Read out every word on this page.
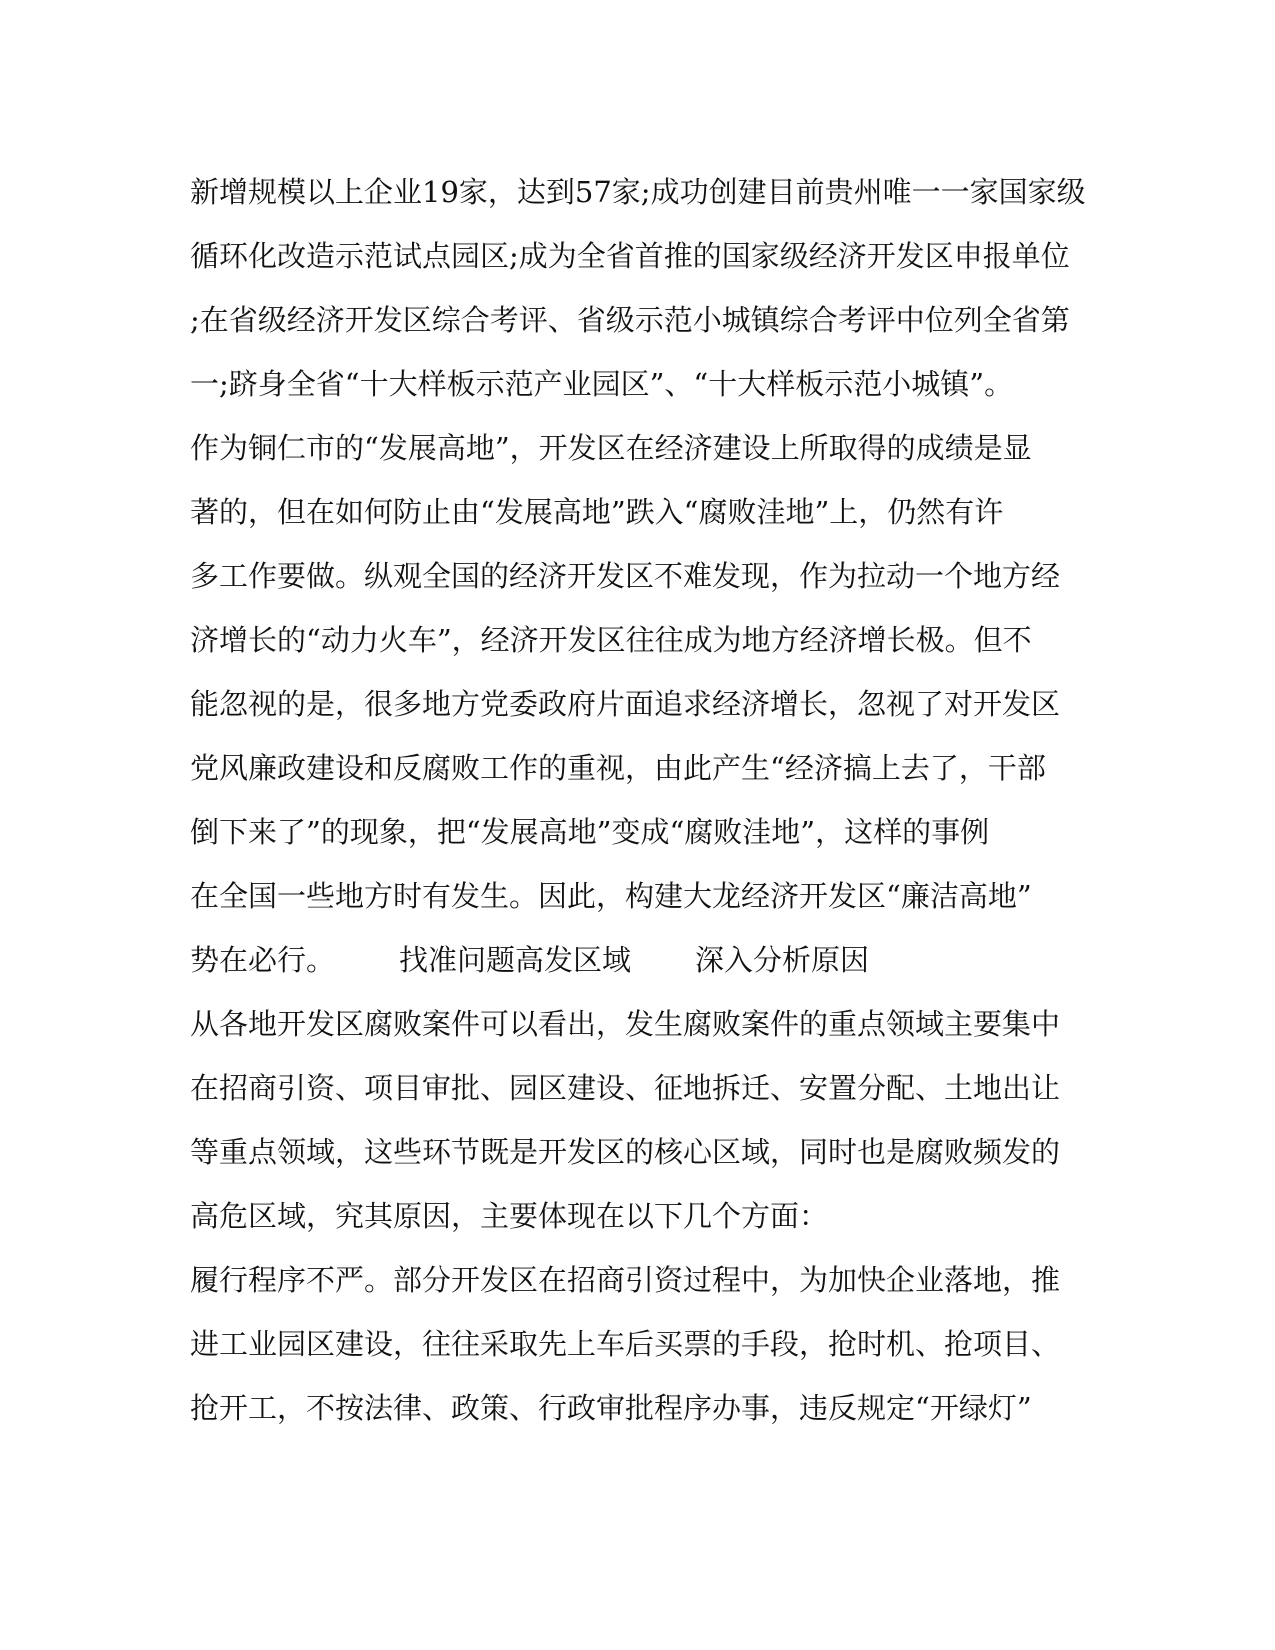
新增规模以上企业19家，达到57家;成功创建目前贵州唯一一家国家级
循环化改造示范试点园区;成为全省首推的国家级经济开发区申报单位
;在省级经济开发区综合考评、省级示范小城镇综合考评中位列全省第
一;跻身全省“十大样板示范产业园区”、“十大样板示范小城镇”。
作为铜仁市的“发展高地”，开发区在经济建设上所取得的成绩是显
著的，但在如何防止由“发展高地”跌入“腐败洼地”上，仍然有许
多工作要做。纵观全国的经济开发区不难发现，作为拉动一个地方经
济增长的“动力火车”，经济开发区往往成为地方经济增长极。但不
能忽视的是，很多地方党委政府片面追求经济增长，忽视了对开发区
党风廉政建设和反腐败工作的重视，由此产生“经济搞上去了，干部
倒下来了”的现象，把“发展高地”变成“腐败洼地”，这样的事例
在全国一些地方时有发生。因此，构建大龙经济开发区“廉洁高地”
势在必行。 找准问题高发区域 深入分析原因
从各地开发区腐败案件可以看出，发生腐败案件的重点领域主要集中
在招商引资、项目审批、园区建设、征地拆迁、安置分配、土地出让
等重点领域，这些环节既是开发区的核心区域，同时也是腐败频发的
高危区域，究其原因，主要体现在以下几个方面：
履行程序不严。部分开发区在招商引资过程中，为加快企业落地，推
进工业园区建设，往往采取先上车后买票的手段，抢时机、抢项目、
抢开工，不按法律、政策、行政审批程序办事，违反规定“开绿灯”
